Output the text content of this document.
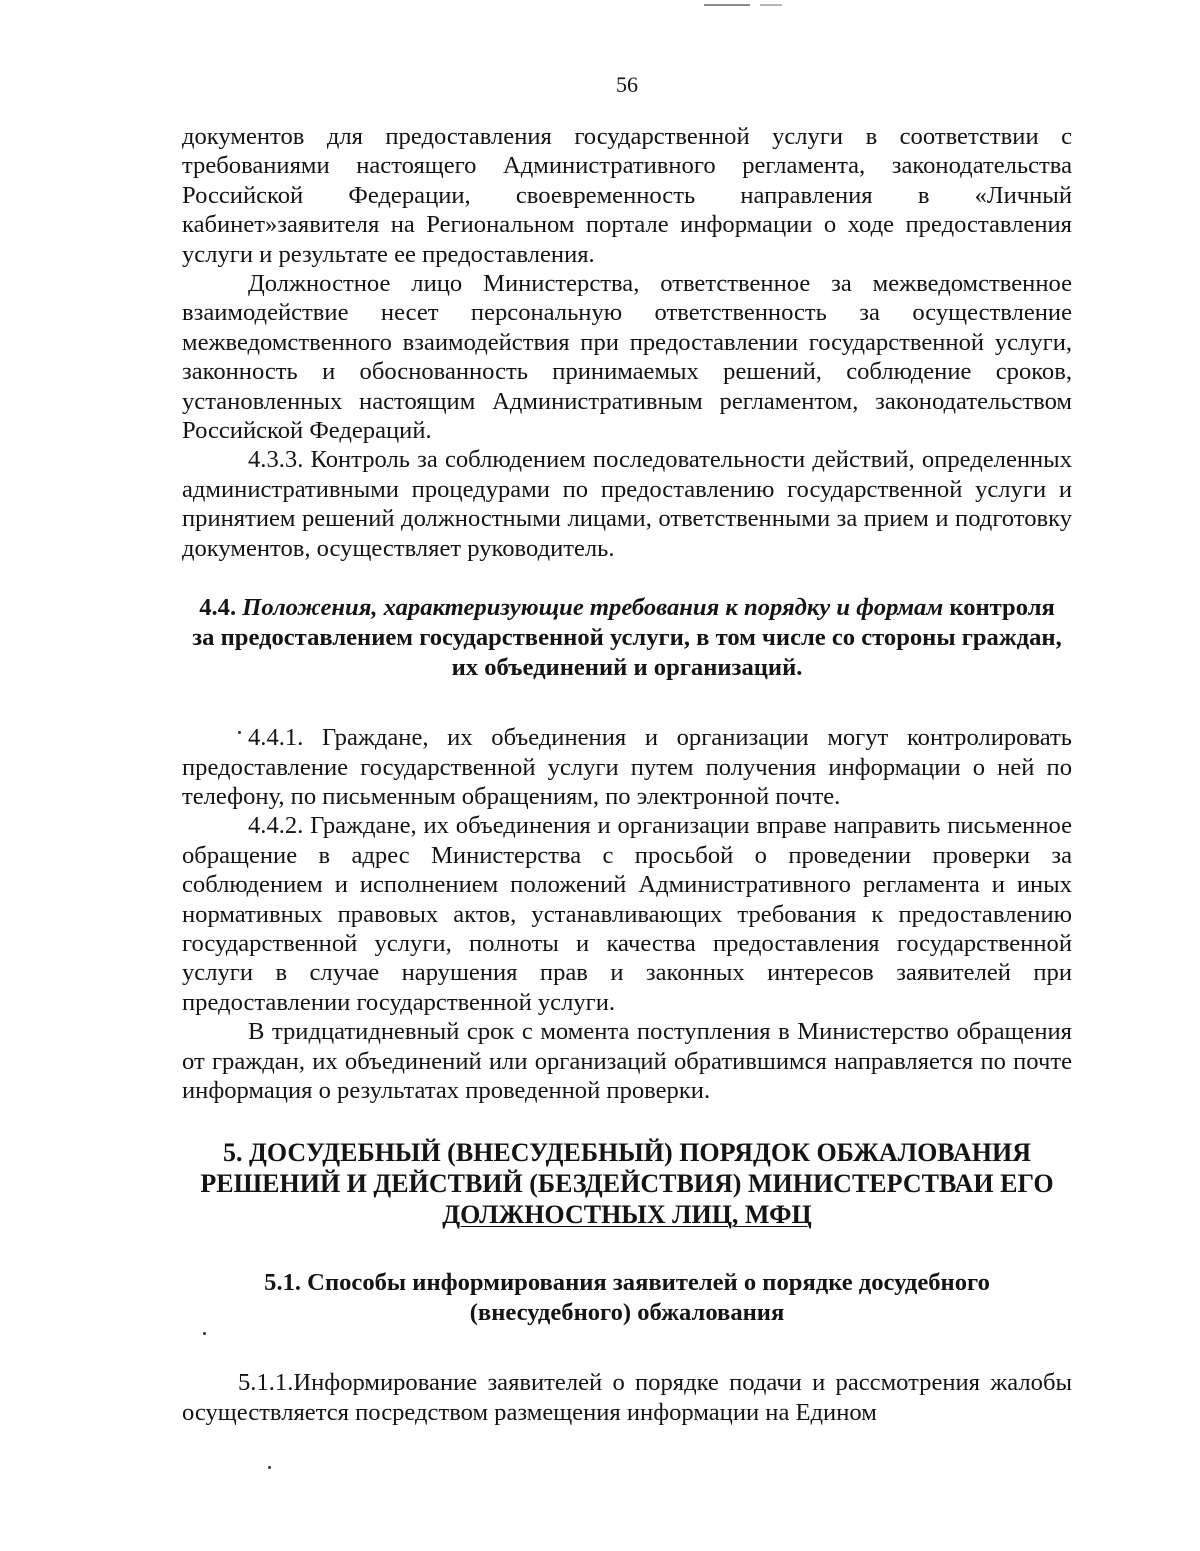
56

документов для предоставления государственной услуги в соответствии с требованиями настоящего Административного регламента, законодательства Российской Федерации, своевременность направления в «Личный кабинет»заявителя на Региональном портале информации о ходе предоставления услуги и результате ее предоставления.

Должностное лицо Министерства, ответственное за межведомственное взаимодействие несет персональную ответственность за осуществление межведомственного взаимодействия при предоставлении государственной услуги, законность и обоснованность принимаемых решений, соблюдение сроков, установленных настоящим Административным регламентом, законодательством Российской Федераций.

4.3.3. Контроль за соблюдением последовательности действий, определенных административными процедурами по предоставлению государственной услуги и принятием решений должностными лицами, ответственными за прием и подготовку документов, осуществляет руководитель.

4.4. Положения, характеризующие требования к порядку и формам контроля за предоставлением государственной услуги, в том числе со стороны граждан, их объединений и организаций.

4.4.1. Граждане, их объединения и организации могут контролировать предоставление государственной услуги путем получения информации о ней по телефону, по письменным обращениям, по электронной почте.

4.4.2. Граждане, их объединения и организации вправе направить письменное обращение в адрес Министерства с просьбой о проведении проверки за соблюдением и исполнением положений Административного регламента и иных нормативных правовых актов, устанавливающих требования к предоставлению государственной услуги, полноты и качества предоставления государственной услуги в случае нарушения прав и законных интересов заявителей при предоставлении государственной услуги.

В тридцатидневный срок с момента поступления в Министерство обращения от граждан, их объединений или организаций обратившимся направляется по почте информация о результатах проведенной проверки.

5. ДОСУДЕБНЫЙ (ВНЕСУДЕБНЫЙ) ПОРЯДОК ОБЖАЛОВАНИЯ
РЕШЕНИЙ И ДЕЙСТВИЙ (БЕЗДЕЙСТВИЯ) МИНИСТЕРСТВАИ ЕГО
ДОЛЖНОСТНЫХ ЛИЦ, МФЦ
5.1. Способы информирования заявителей о порядке досудебного
(внесудебного) обжалования

5.1.1.Информирование заявителей о порядке подачи и рассмотрения жалобы осуществляется посредством размещения информации на Едином
